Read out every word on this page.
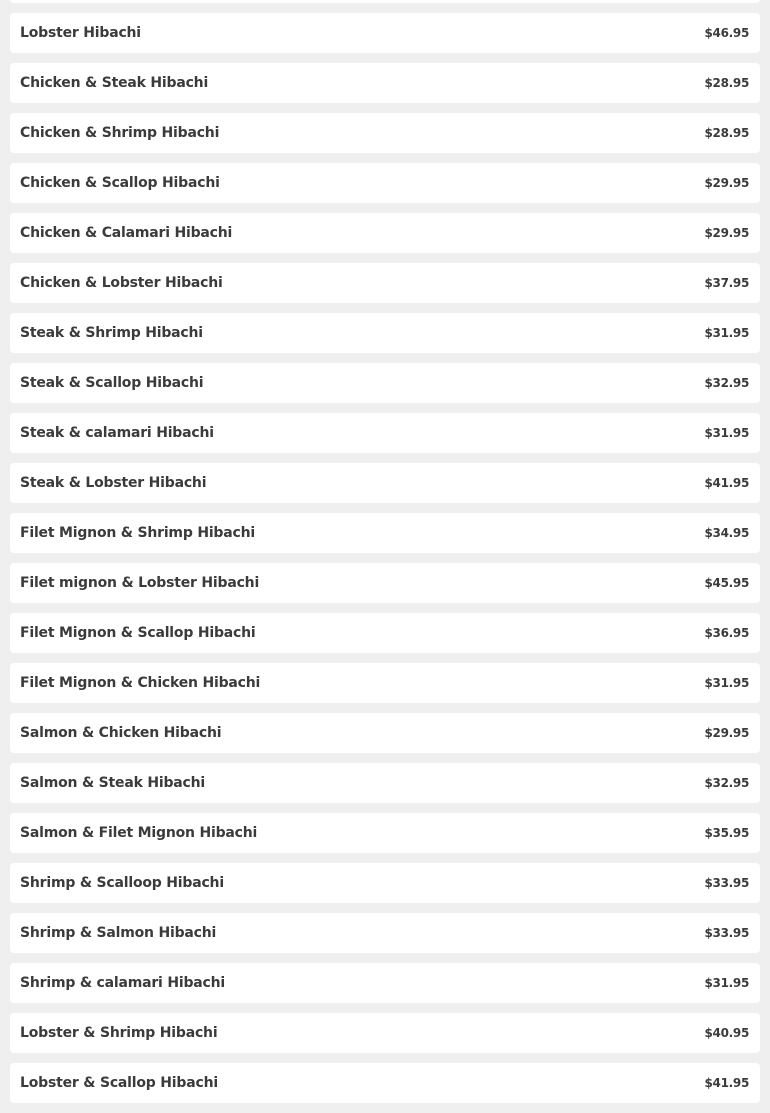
Lobster Hibachi	$46.95
Chicken & Steak Hibachi	$28.95
Chicken & Shrimp Hibachi	$28.95
Chicken & Scallop Hibachi	$29.95
Chicken & Calamari Hibachi	$29.95
Chicken & Lobster Hibachi	$37.95
Steak & Shrimp Hibachi	$31.95
Steak & Scallop Hibachi	$32.95
Steak & calamari Hibachi	$31.95
Steak & Lobster Hibachi	$41.95
Filet Mignon & Shrimp Hibachi	$34.95
Filet mignon & Lobster Hibachi	$45.95
Filet Mignon & Scallop Hibachi	$36.95
Filet Mignon & Chicken Hibachi	$31.95
Salmon & Chicken Hibachi	$29.95
Salmon & Steak Hibachi	$32.95
Salmon & Filet Mignon Hibachi	$35.95
Shrimp & Scalloop Hibachi	$33.95
Shrimp & Salmon Hibachi	$33.95
Shrimp & calamari Hibachi	$31.95
Lobster & Shrimp Hibachi	$40.95
Lobster & Scallop Hibachi	$41.95
